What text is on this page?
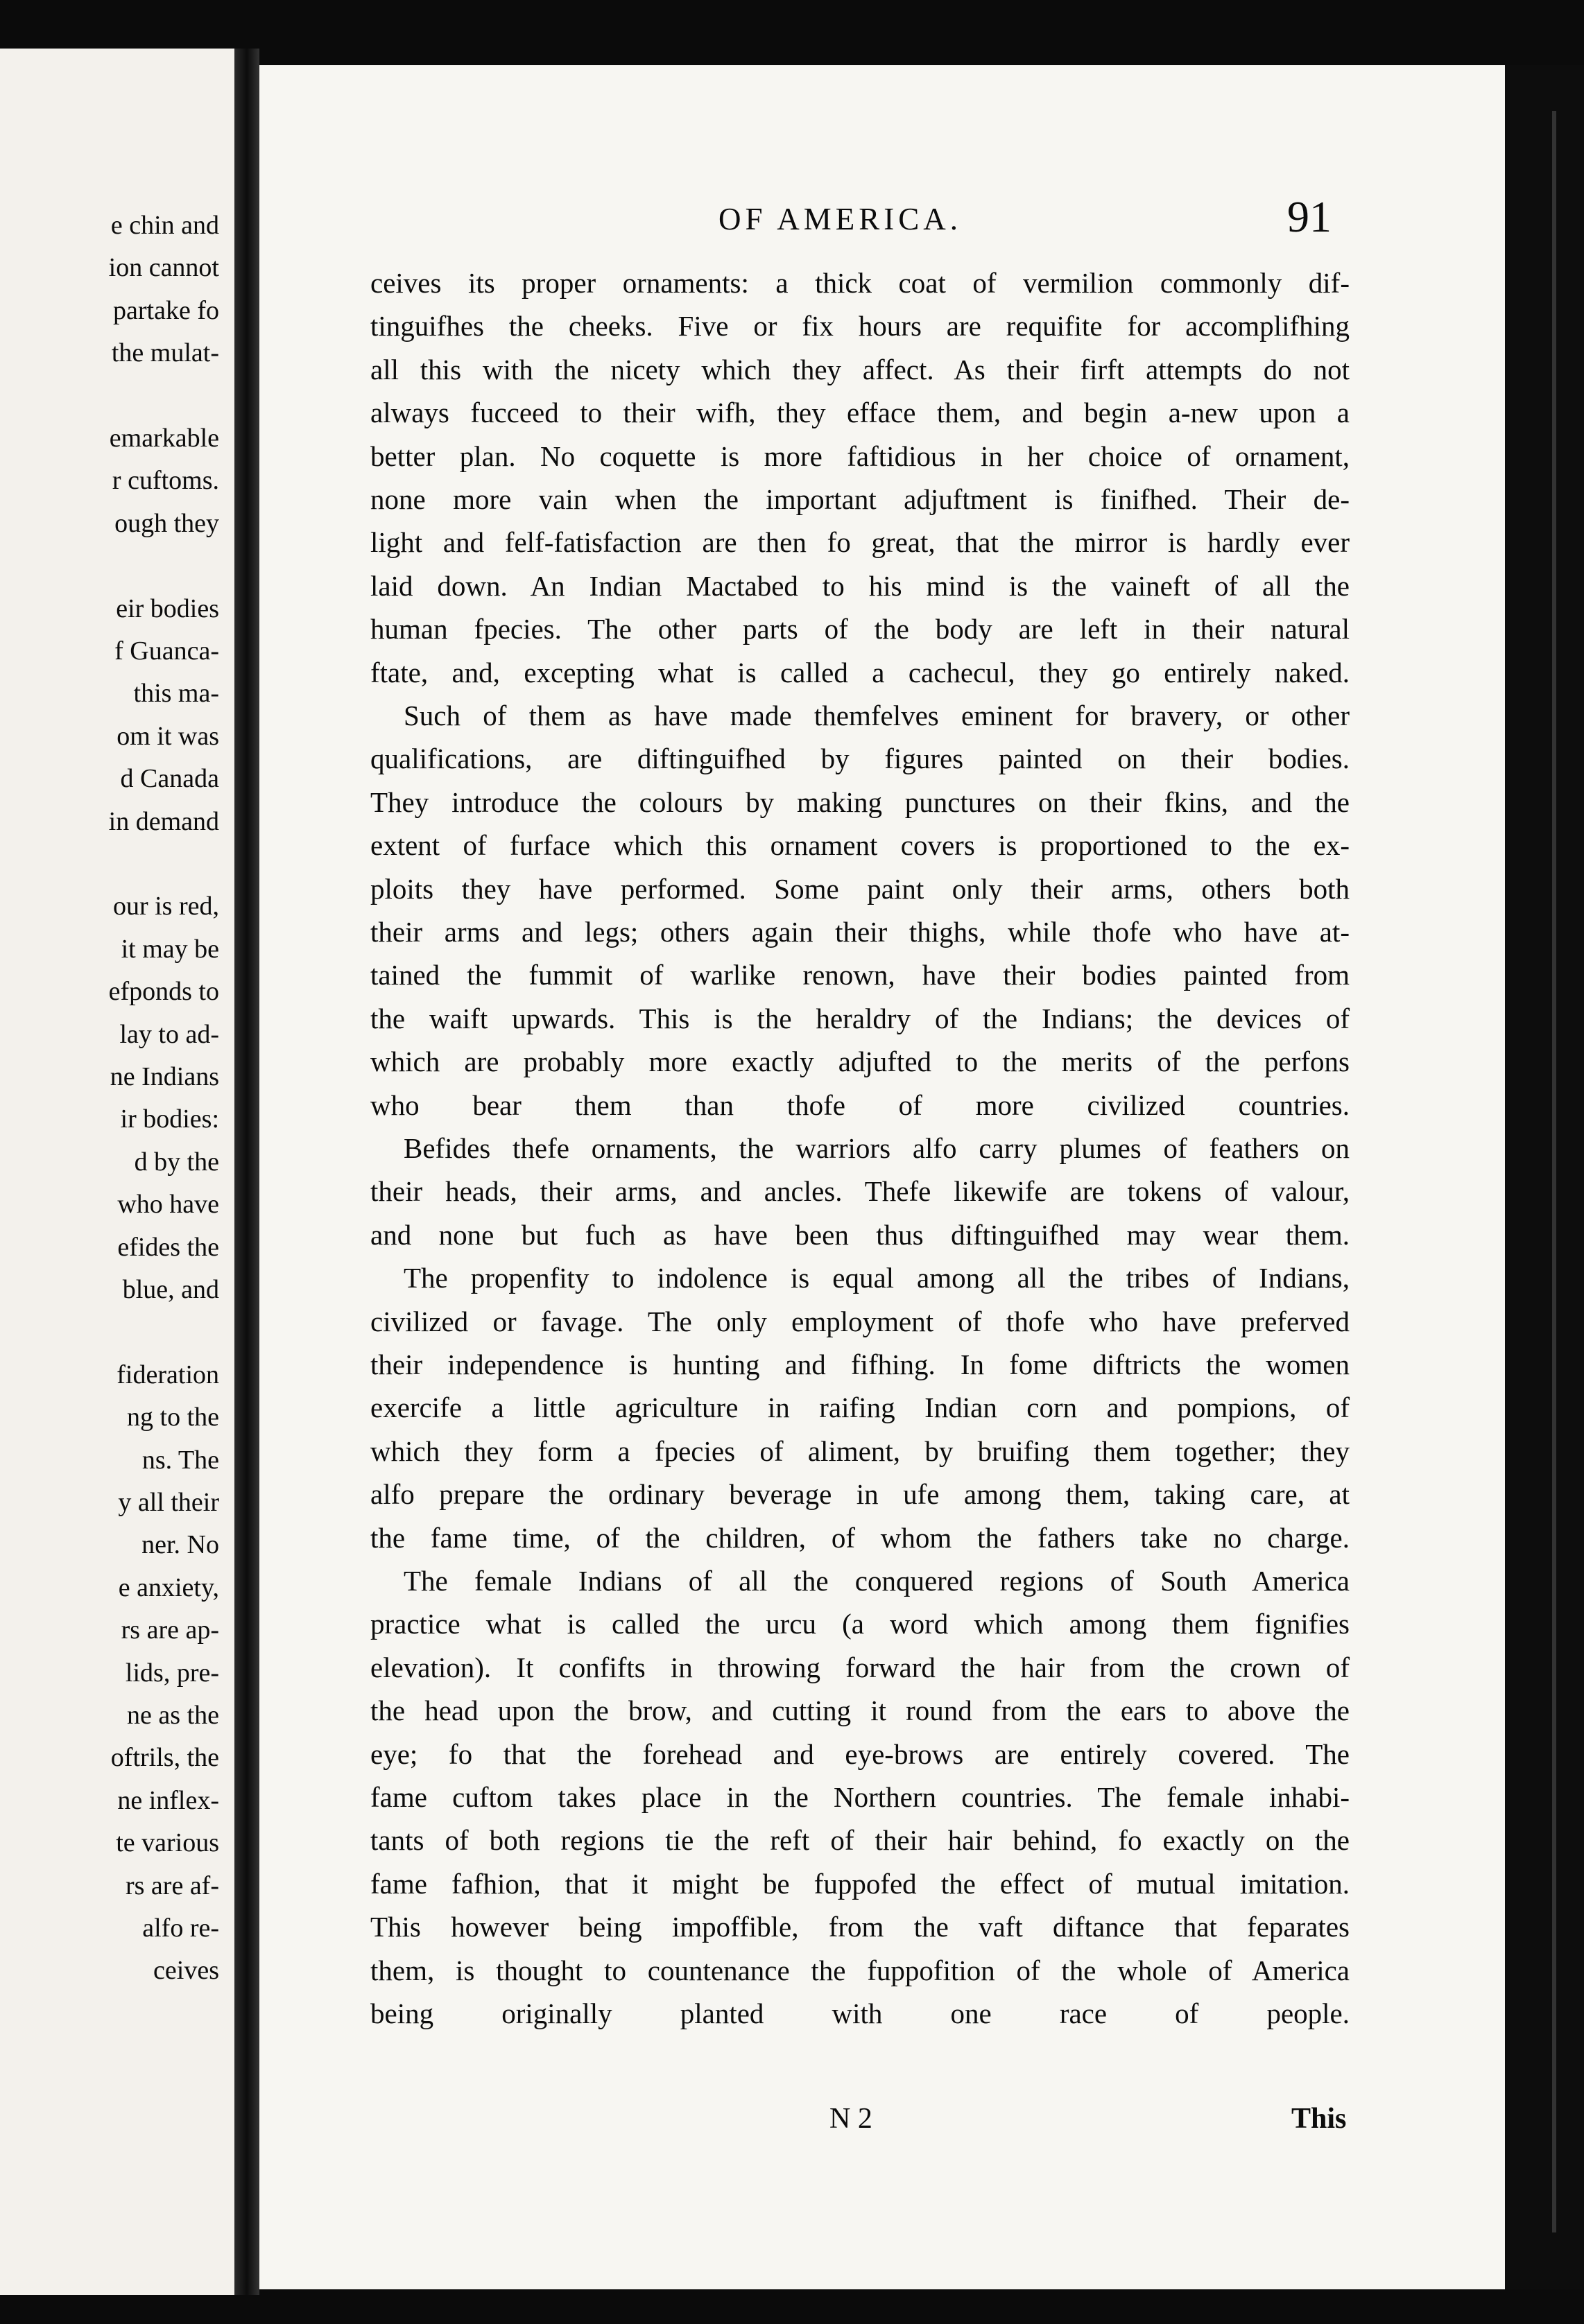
e chin and

ion cannot

partake fo

the mulat-

emarkable

r cuftoms.

ough they

eir bodies

f Guanca-

this ma-

om it was

d Canada

in demand

our is red,

it may be

efponds to

lay to ad-

ne Indians

ir bodies:

d by the

who have

efides the

blue, and

fideration

ng to the

ns. The

y all their

ner. No

e anxiety,

rs are ap-

lids, pre-

ne as the

oftrils, the

ne inflex-

te various

rs are af-

alfo re-

ceives

OF AMERICA.	91

ceives its proper ornaments: a thick coat of vermilion commonly dif-

tinguifhes the cheeks. Five or fix hours are requifite for accomplifhing

all this with the nicety which they affect. As their firft attempts do not

always fucceed to their wifh, they efface them, and begin a-new upon a

better plan. No coquette is more faftidious in her choice of ornament,

none more vain when the important adjuftment is finifhed. Their de-

light and felf-fatisfaction are then fo great, that the mirror is hardly ever

laid down. An Indian Mactabed to his mind is the vaineft of all the

human fpecies. The other parts of the body are left in their natural

ftate, and, excepting what is called a cachecul, they go entirely naked.

Such of them as have made themfelves eminent for bravery, or other

qualifications, are diftinguifhed by figures painted on their bodies.

They introduce the colours by making punctures on their fkins, and the

extent of furface which this ornament covers is proportioned to the ex-

ploits they have performed. Some paint only their arms, others both

their arms and legs; others again their thighs, while thofe who have at-

tained the fummit of warlike renown, have their bodies painted from

the waift upwards. This is the heraldry of the Indians; the devices of

which are probably more exactly adjufted to the merits of the perfons

who bear them than thofe of more civilized countries.

Befides thefe ornaments, the warriors alfo carry plumes of feathers on

their heads, their arms, and ancles. Thefe likewife are tokens of valour,

and none but fuch as have been thus diftinguifhed may wear them.

The propenfity to indolence is equal among all the tribes of Indians,

civilized or favage. The only employment of thofe who have preferved

their independence is hunting and fifhing. In fome diftricts the women

exercife a little agriculture in raifing Indian corn and pompions, of

which they form a fpecies of aliment, by bruifing them together; they

alfo prepare the ordinary beverage in ufe among them, taking care, at

the fame time, of the children, of whom the fathers take no charge.

The female Indians of all the conquered regions of South America

practice what is called the urcu (a word which among them fignifies

elevation). It confifts in throwing forward the hair from the crown of

the head upon the brow, and cutting it round from the ears to above the

eye; fo that the forehead and eye-brows are entirely covered. The

fame cuftom takes place in the Northern countries. The female inhabi-

tants of both regions tie the reft of their hair behind, fo exactly on the

fame fafhion, that it might be fuppofed the effect of mutual imitation.

This however being impoffible, from the vaft diftance that feparates

them, is thought to countenance the fuppofition of the whole of America

being originally planted with one race of people.

N 2	This
